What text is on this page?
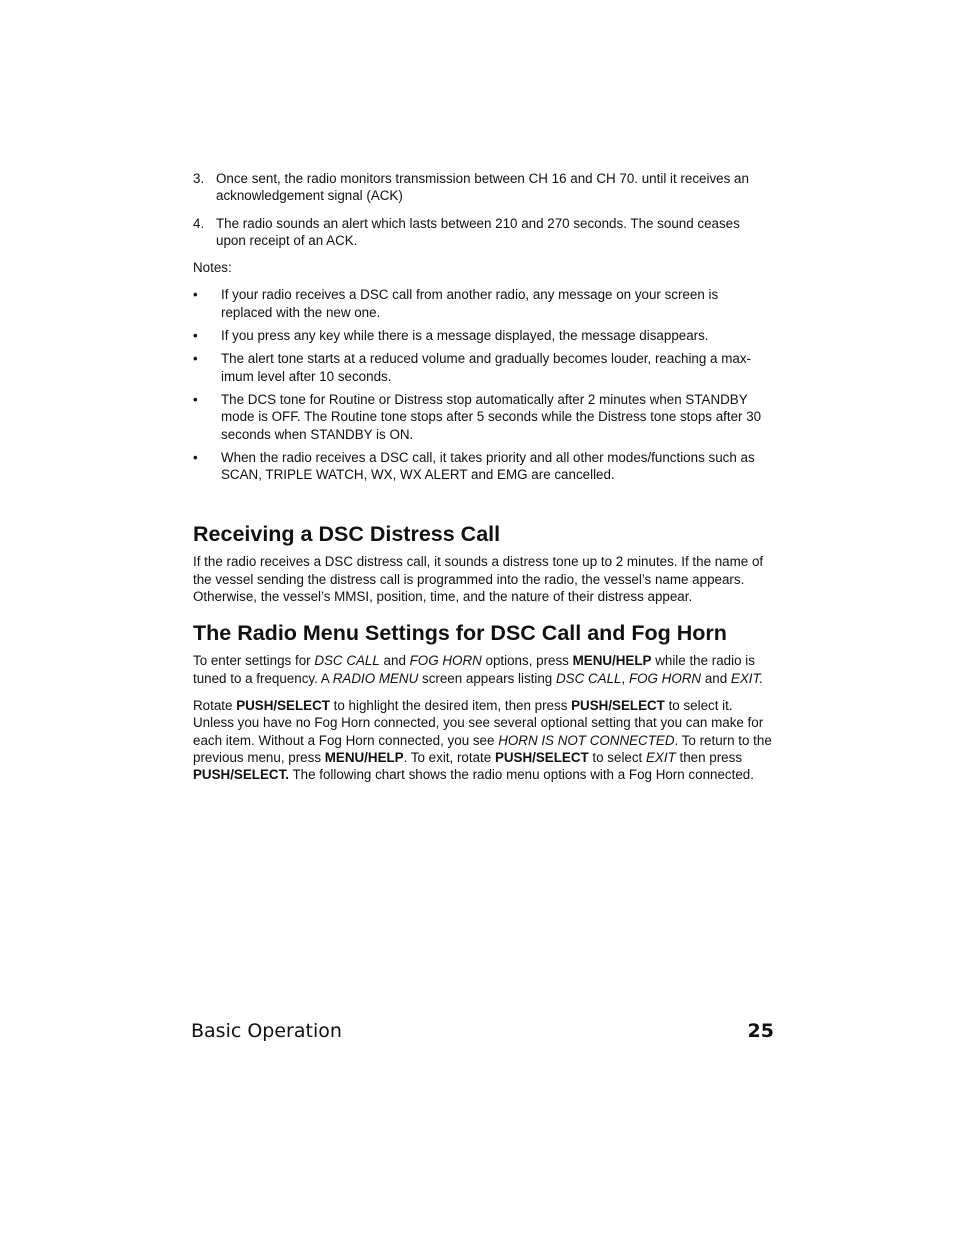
3. Once sent, the radio monitors transmission between CH 16 and CH 70. until it receives an acknowledgement signal (ACK)
4. The radio sounds an alert which lasts between 210 and 270 seconds. The sound ceases upon receipt of an ACK.

Notes:

• If your radio receives a DSC call from another radio, any message on your screen is replaced with the new one.
• If you press any key while there is a message displayed, the message disappears.
• The alert tone starts at a reduced volume and gradually becomes louder, reaching a max-imum level after 10 seconds.
• The DCS tone for Routine or Distress stop automatically after 2 minutes when STANDBY mode is OFF. The Routine tone stops after 5 seconds while the Distress tone stops after 30 seconds when STANDBY is ON.
• When the radio receives a DSC call, it takes priority and all other modes/functions such as SCAN, TRIPLE WATCH, WX, WX ALERT and EMG are cancelled.
Receiving a DSC Distress Call

If the radio receives a DSC distress call, it sounds a distress tone up to 2 minutes. If the name of the vessel sending the distress call is programmed into the radio, the vessel’s name appears. Otherwise, the vessel’s MMSI, position, time, and the nature of their distress appear.

The Radio Menu Settings for DSC Call and Fog Horn

To enter settings for DSC CALL and FOG HORN options, press MENU/HELP while the radio is tuned to a frequency. A RADIO MENU screen appears listing DSC CALL, FOG HORN and EXIT.

Rotate PUSH/SELECT to highlight the desired item, then press PUSH/SELECT to select it. Unless you have no Fog Horn connected, you see several optional setting that you can make for each item. Without a Fog Horn connected, you see HORN IS NOT CONNECTED. To return to the previous menu, press MENU/HELP. To exit, rotate PUSH/SELECT to select EXIT then press PUSH/SELECT. The following chart shows the radio menu options with a Fog Horn connected.

Basic Operation	25
